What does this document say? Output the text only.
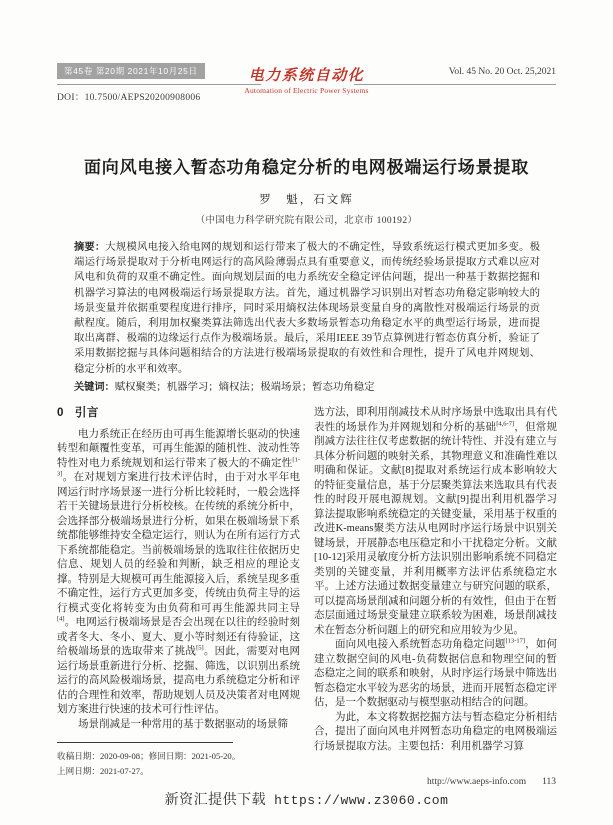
第45卷 第20期 2021年10月25日
DOI：10.7500/AEPS20200908006
电力系统自动化
Automation of Electric Power Systems
Vol. 45 No. 20 Oct. 25,2021
面向风电接入暂态功角稳定分析的电网极端运行场景提取
罗　魁，石文辉
（中国电力科学研究院有限公司，北京市 100192）
摘要：大规模风电接入给电网的规划和运行带来了极大的不确定性，导致系统运行模式更加多变。极端运行场景提取对于分析电网运行的高风险薄弱点具有重要意义，而传统经验场景提取方式难以应对风电和负荷的双重不确定性。面向规划层面的电力系统安全稳定评估问题，提出一种基于数据挖掘和机器学习算法的电网极端运行场景提取方法。首先，通过机器学习识别出对暂态功角稳定影响较大的场景变量并依据重要程度进行排序，同时采用熵权法体现场景变量自身的离散性对极端运行场景的贡献程度。随后，利用加权聚类算法筛选出代表大多数场景暂态功角稳定水平的典型运行场景，进而提取出离群、极端的边缘运行点作为极端场景。最后，采用IEEE 39节点算例进行暂态仿真分析，验证了采用数据挖掘与具体问题相结合的方法进行极端场景提取的有效性和合理性，提升了风电并网规划、稳定分析的水平和效率。
关键词：赋权聚类；机器学习；熵权法；极端场景；暂态功角稳定
0 引言

电力系统正在经历由可再生能源增长驱动的快速转型和颠覆性变革，可再生能源的随机性、波动性等特性对电力系统规划和运行带来了极大的不确定性[1-3]。在对规划方案进行技术评估时，由于对水平年电网运行时序场景逐一进行分析比较耗时，一般会选择若干关键场景进行分析校核。在传统的系统分析中，会选择部分极端场景进行分析，如果在极端场景下系统都能够维持安全稳定运行，则认为在所有运行方式下系统都能稳定。当前极端场景的选取往往依据历史信息、规划人员的经验和判断，缺乏相应的理论支撑。特别是大规模可再生能源接入后，系统呈现多重不确定性，运行方式更加多变，传统由负荷主导的运行模式变化将转变为由负荷和可再生能源共同主导[4]。电网运行极端场景是否会出现在以往的经验时刻或者冬大、冬小、夏大、夏小等时刻还有待验证，这给极端场景的选取带来了挑战[5]。因此，需要对电网运行场景重新进行分析、挖掘、筛选，以识别出系统运行的高风险极端场景，提高电力系统稳定分析和评估的合理性和效率，帮助规划人员及决策者对电网规划方案进行快速的技术可行性评估。

场景削减是一种常用的基于数据驱动的场景筛

收稿日期：2020-09-08；修回日期：2021-05-20。
上网日期：2021-07-27。

选方法，即利用削减技术从时序场景中选取出具有代表性的场景作为并网规划和分析的基础[4,6-7]，但常规削减方法往往仅考虑数据的统计特性、并没有建立与具体分析问题的映射关系，其物理意义和准确性难以明确和保证。文献[8]提取对系统运行成本影响较大的特征变量信息，基于分层聚类算法来选取具有代表性的时段开展电源规划。文献[9]提出利用机器学习算法提取影响系统稳定的关键变量，采用基于权重的改进K-means聚类方法从电网时序运行场景中识别关键场景，开展静态电压稳定和小干扰稳定分析。文献[10-12]采用灵敏度分析方法识别出影响系统不同稳定类别的关键变量，并利用概率方法评估系统稳定水平。上述方法通过数据变量建立与研究问题的联系，可以提高场景削减和问题分析的有效性，但由于在暂态层面通过场景变量建立联系较为困难，场景削减技术在暂态分析问题上的研究和应用较为少见。

面向风电接入系统暂态功角稳定问题[13-17]，如何建立数据空间的风电-负荷数据信息和物理空间的暂态稳定之间的联系和映射，从时序运行场景中筛选出暂态稳定水平较为恶劣的场景，进而开展暂态稳定评估，是一个数据驱动与模型驱动相结合的问题。

为此，本文将数据挖掘方法与暂态稳定分析相结合，提出了面向风电并网暂态功角稳定的电网极端运行场景提取方法。主要包括：利用机器学习算

http://www.aeps-info.com 113
新资汇提供下载 https://www.z3060.com
